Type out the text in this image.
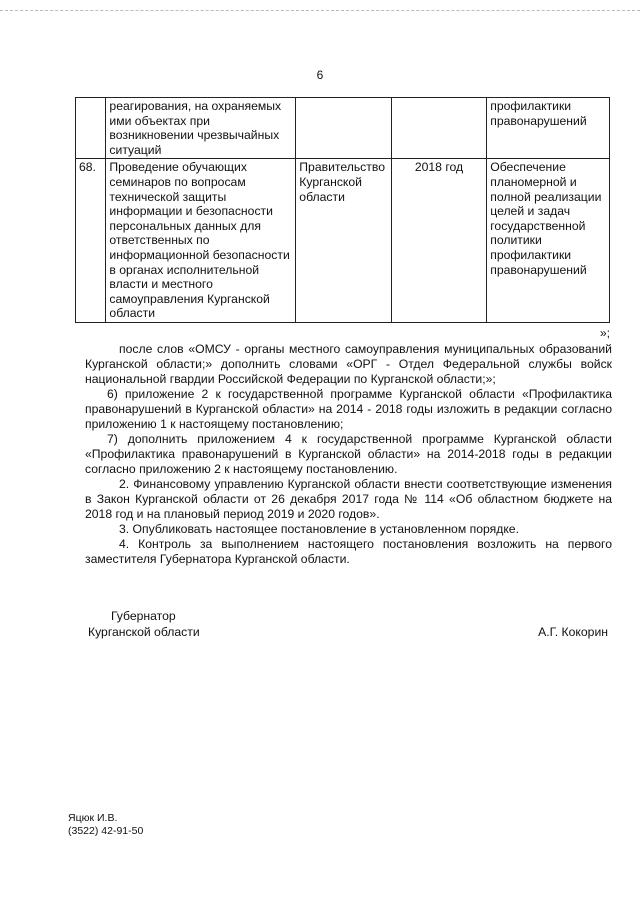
6
	реагирования, на охраняемых ими объектах при возникновении чрезвычайных ситуаций			профилактики правонарушений
68.	Проведение обучающих семинаров по вопросам технической защиты информации и безопасности персональных данных для ответственных по информационной безопасности в органах исполнительной власти и местного самоуправления Курганской области	Правительство Курганской области	2018 год	Обеспечение планомерной и полной реализации целей и задач государственной политики профилактики правонарушений
»;

после слов «ОМСУ - органы местного самоуправления муниципальных образований Курганской области;» дополнить словами «ОРГ - Отдел Федеральной службы войск национальной гвардии Российской Федерации по Курганской области;»;

6) приложение 2 к государственной программе Курганской области «Профилактика правонарушений в Курганской области» на 2014 - 2018 годы изложить в редакции согласно приложению 1 к настоящему постановлению;

7) дополнить приложением 4 к государственной программе Курганской области «Профилактика правонарушений в Курганской области» на 2014-2018 годы в редакции согласно приложению 2 к настоящему постановлению.

2. Финансовому управлению Курганской области внести соответствующие изменения в Закон Курганской области от 26 декабря 2017 года № 114 «Об областном бюджете на 2018 год и на плановый период 2019 и 2020 годов».

3. Опубликовать настоящее постановление в установленном порядке.

4. Контроль за выполнением настоящего постановления возложить на первого заместителя Губернатора Курганской области.

Губернатор
Курганской области	А.Г. Кокорин
Яцюк И.В.
(3522) 42-91-50
